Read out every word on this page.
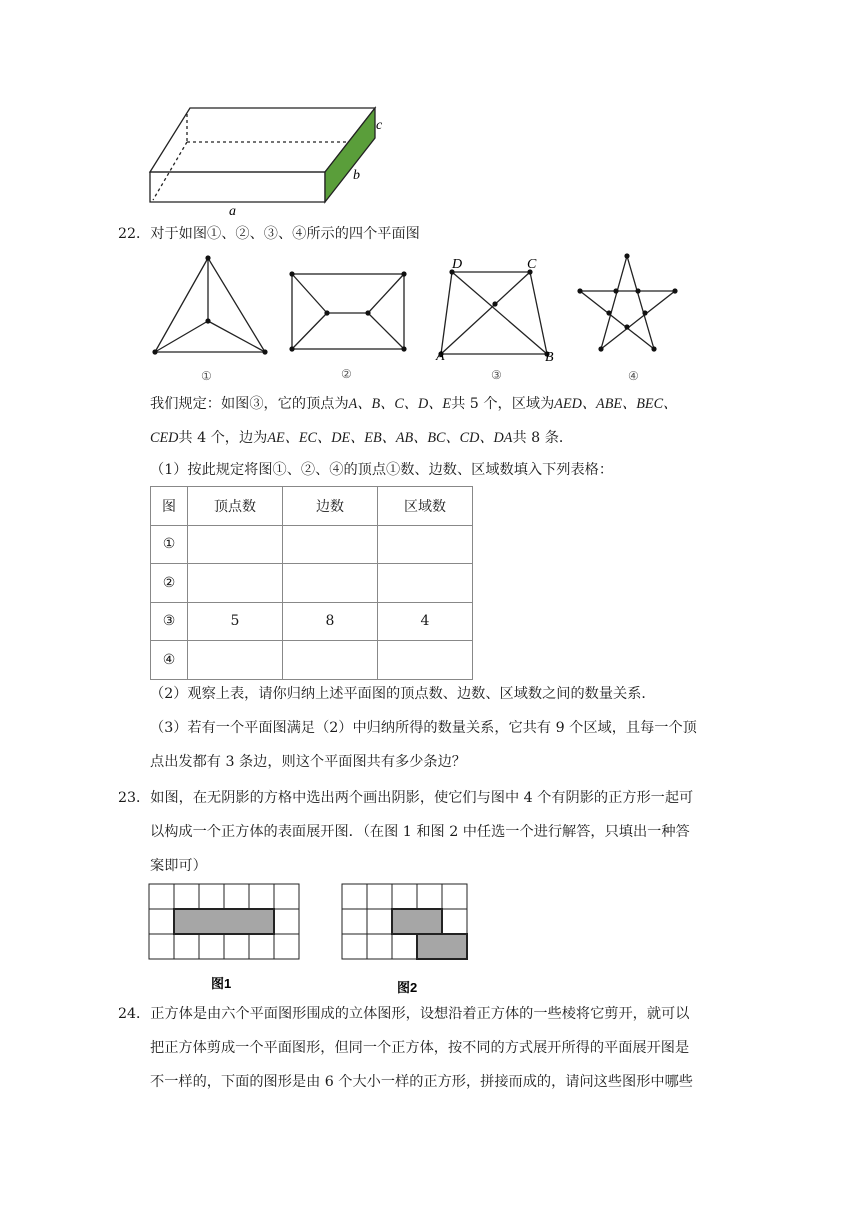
a
b
c
22．对于如图①、②、③、④所示的四个平面图
D	C
A	B
①	②	③	④
我们规定：如图③，它的顶点为A、B、C、D、E共 5 个，区域为AED、ABE、BEC、
CED共 4 个，边为AE、EC、DE、EB、AB、BC、CD、DA共 8 条．
（1）按此规定将图①、②、④的顶点①数、边数、区域数填入下列表格：
图	顶点数	边数	区域数
①			
②			
③	5	8	4
④			
（2）观察上表，请你归纳上述平面图的顶点数、边数、区域数之间的数量关系．
（3）若有一个平面图满足（2）中归纳所得的数量关系，它共有 9 个区域，且每一个顶
点出发都有 3 条边，则这个平面图共有多少条边？
23．如图，在无阴影的方格中选出两个画出阴影，使它们与图中 4 个有阴影的正方形一起可
以构成一个正方体的表面展开图．（在图 1 和图 2 中任选一个进行解答，只填出一种答
案即可）
图1	图2
24．正方体是由六个平面图形围成的立体图形，设想沿着正方体的一些棱将它剪开，就可以
把正方体剪成一个平面图形，但同一个正方体，按不同的方式展开所得的平面展开图是
不一样的，下面的图形是由 6 个大小一样的正方形，拼接而成的，请问这些图形中哪些
